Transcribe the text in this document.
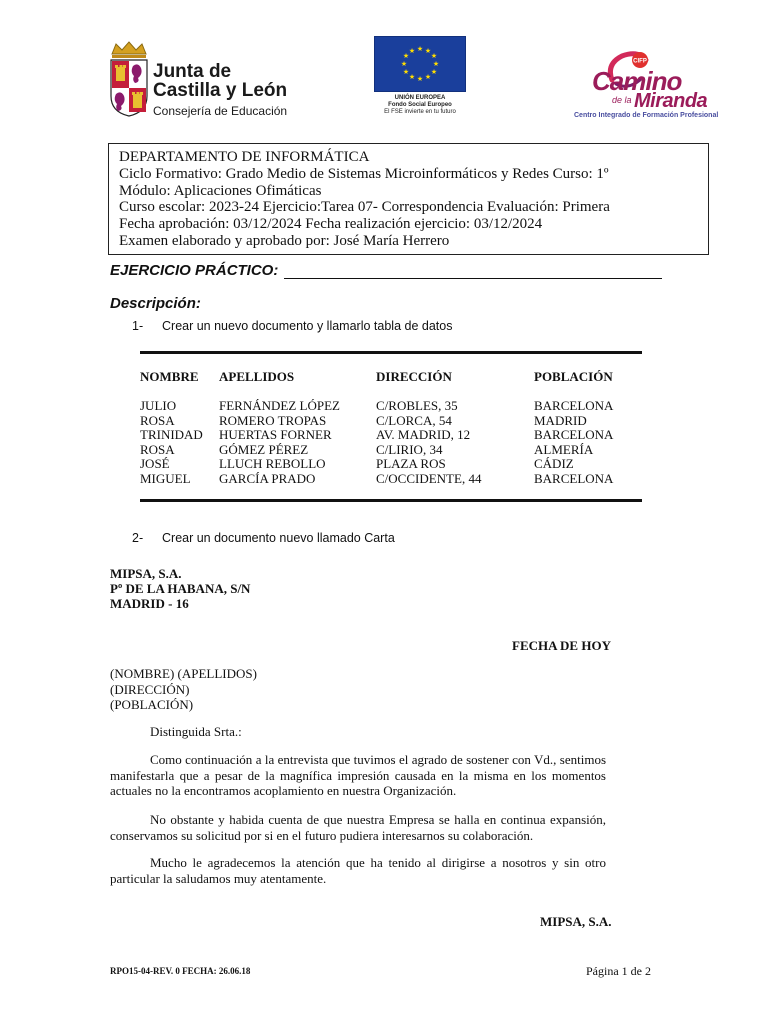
Junta de
Castilla y León
Consejería de Educación
★ ★
★
★
★
★
★
★
★
★
★
★
UNIÓN EUROPEA
Fondo Social Europeo
El FSE invierte en tu futuro
CIFP
Camino
de la Miranda
Centro Integrado de Formación Profesional
DEPARTAMENTO DE INFORMÁTICA
Ciclo Formativo: Grado Medio de Sistemas Microinformáticos y Redes Curso: 1º
Módulo: Aplicaciones Ofimáticas
Curso escolar: 2023-24 Ejercicio:Tarea 07- Correspondencia Evaluación: Primera
Fecha aprobación: 03/12/2024 Fecha realización ejercicio: 03/12/2024
Examen elaborado y aprobado por: José María Herrero
EJERCICIO PRÁCTICO:
Descripción:
1- Crear un nuevo documento y llamarlo tabla de datos
NOMBRE	APELLIDOS	DIRECCIÓN	POBLACIÓN
JULIO	FERNÁNDEZ LÓPEZ	C/ROBLES, 35	BARCELONA
ROSA	ROMERO TROPAS	C/LORCA, 54	MADRID
TRINIDAD	HUERTAS FORNER	AV. MADRID, 12	BARCELONA
ROSA	GÓMEZ PÉREZ	C/LIRIO, 34	ALMERÍA
JOSÉ	LLUCH REBOLLO	PLAZA ROS	CÁDIZ
MIGUEL	GARCÍA PRADO	C/OCCIDENTE, 44	BARCELONA
2- Crear un documento nuevo llamado Carta
MIPSA, S.A.
Pº DE LA HABANA, S/N
MADRID - 16
FECHA DE HOY
(NOMBRE) (APELLIDOS)
(DIRECCIÓN)
(POBLACIÓN)
Distinguida Srta.:
Como continuación a la entrevista que tuvimos el agrado de sostener con Vd., sentimos manifestarla que a pesar de la magnífica impresión causada en la misma en los momentos actuales no la encontramos acoplamiento en nuestra Organización.
No obstante y habida cuenta de que nuestra Empresa se halla en continua expansión, conservamos su solicitud por si en el futuro pudiera interesarnos su colaboración.
Mucho le agradecemos la atención que ha tenido al dirigirse a nosotros y sin otro particular la saludamos muy atentamente.
MIPSA, S.A.
RPO15-04-REV. 0 FECHA: 26.06.18	Página 1 de 2
